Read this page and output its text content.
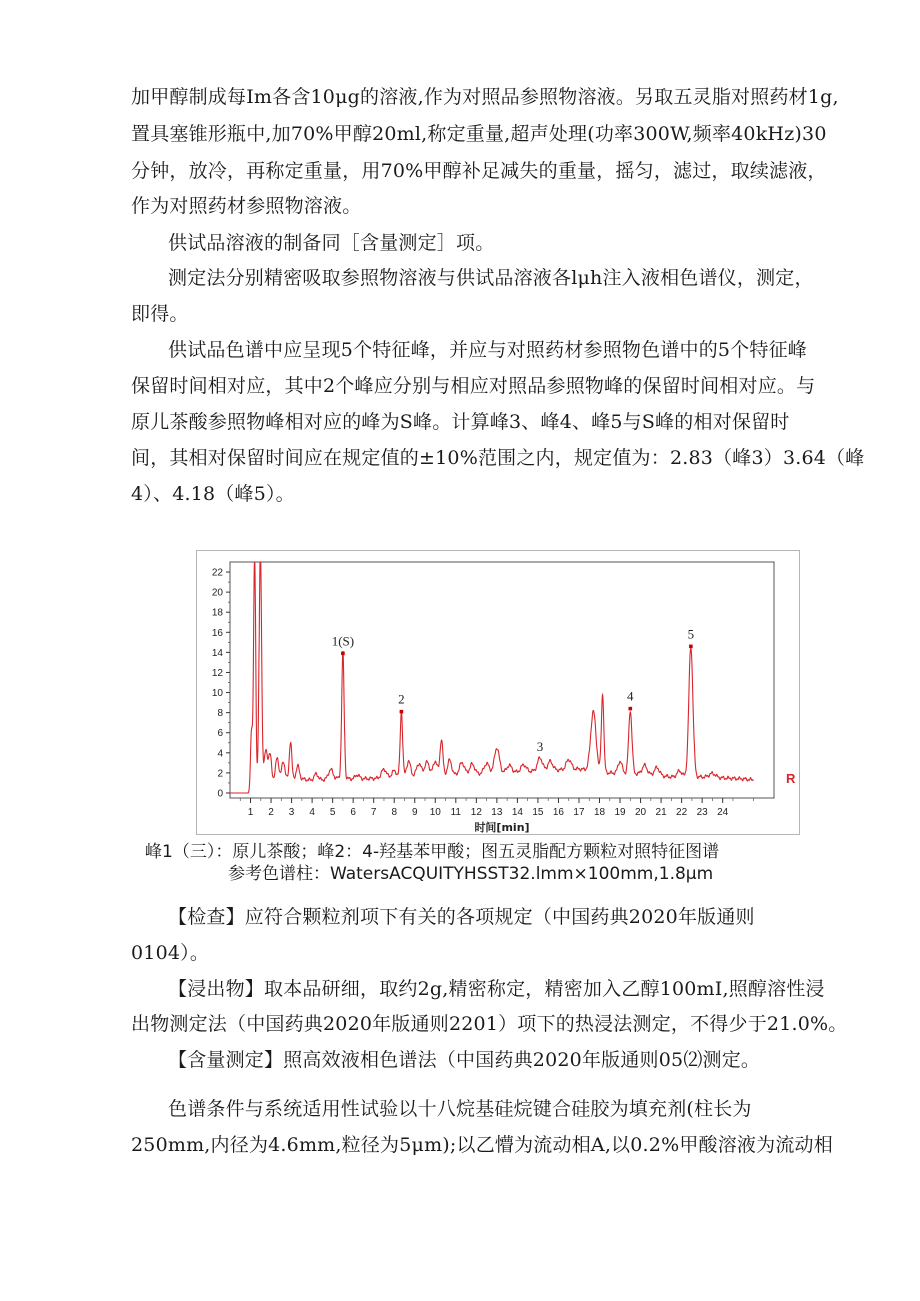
加甲醇制成每Im各含10μg的溶液,作为对照品参照物溶液。另取五灵脂对照药材1g,
置具塞锥形瓶中,加70%甲醇20ml,称定重量,超声处理(功率300W,频率40kHz)30
分钟，放冷，再称定重量，用70%甲醇补足减失的重量，摇匀，滤过，取续滤液，
作为对照药材参照物溶液。
供试品溶液的制备同［含量测定］项。
测定法分别精密吸取参照物溶液与供试品溶液各lμh注入液相色谱仪，测定，
即得。
供试品色谱中应呈现5个特征峰，并应与对照药材参照物色谱中的5个特征峰
保留时间相对应，其中2个峰应分别与相应对照品参照物峰的保留时间相对应。与
原儿茶酸参照物峰相对应的峰为S峰。计算峰3、峰4、峰5与S峰的相对保留时
间，其相对保留时间应在规定值的±10%范围之内，规定值为：2.83（峰3）3.64（峰
4）、4.18（峰5）。
0
2
4
6
8
10
12
14
16
18
20
22
1 2 3 4 5 6 7 8 9 10 11 12 13 14 15 16 17 18 19 20 21 22 23 24
时间[min]
1(S)
2
3
4
5
R
峰1（三）：原儿茶酸；峰2：4-羟基苯甲酸；图五灵脂配方颗粒对照特征图谱
参考色谱柱：WatersACQUITYHSST32.lmm×100mm,1.8μm
【检查】应符合颗粒剂项下有关的各项规定（中国药典2020年版通则
0104）。
【浸出物】取本品研细，取约2g,精密称定，精密加入乙醇100mI,照醇溶性浸
出物测定法（中国药典2020年版通则2201）项下的热浸法测定，不得少于21.0%。
【含量测定】照高效液相色谱法（中国药典2020年版通则05⑵测定。
色谱条件与系统适用性试验以十八烷基硅烷键合硅胶为填充剂(柱长为
250mm,内径为4.6mm,粒径为5μm);以乙懵为流动相A,以0.2%甲酸溶液为流动相
